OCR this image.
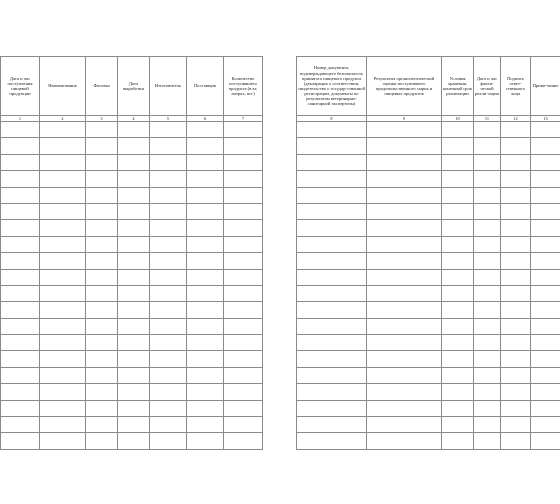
Дата и час поступления пищевой продукции	Наименование	Фасовка	Дата выработки	Изготовитель	Поставщик	Количество поступившего продукта (в кг, литрах, шт.)
1	2	3	4	5	6	7

Номер документа, подтверждающего безопасность принятого пищевого продукта (декларация о соответствии, свидетельство о государ-ственной регистрации, документы по результатам ветеринарно-санитарной экспертизы)	Результаты органолептической оценки поступившего продовольственного сырья и пищевых продуктов	Условия хранения, конечный срок реализации	Дата и час факти-ческой реали-зации	Подпись ответ-ственного лица	Приме-чание
8	9	10	11	12	13
